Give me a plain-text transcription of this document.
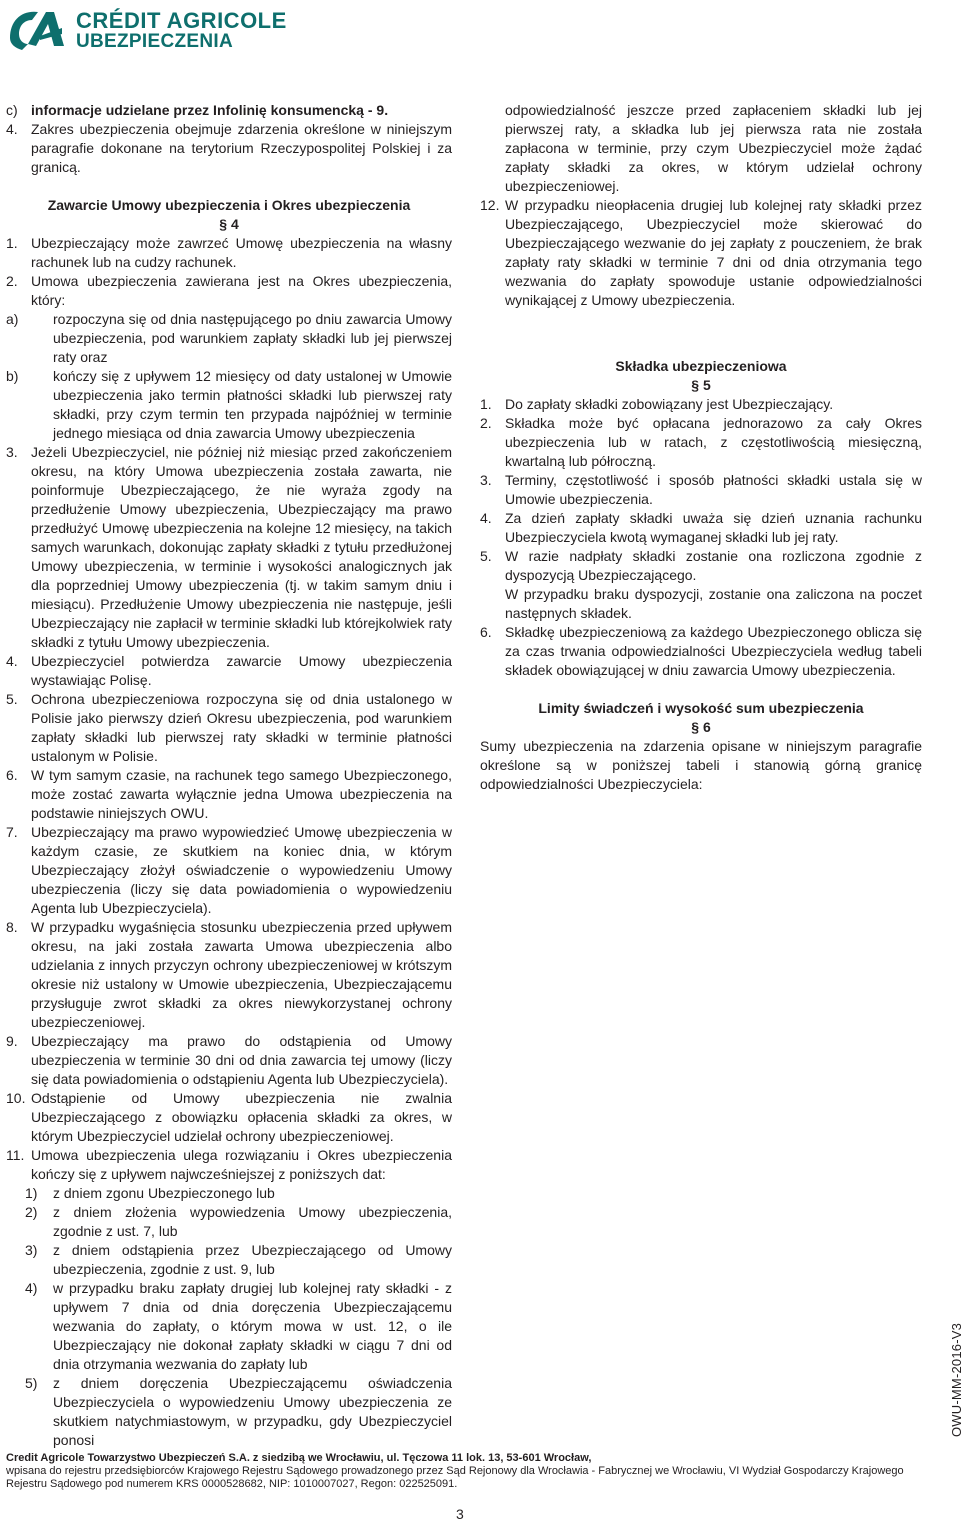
CRÉDIT AGRICOLE
UBEZPIECZENIA
c) informacje udzielane przez Infolinię konsumencką - 9.
4. Zakres ubezpieczenia obejmuje zdarzenia określone w niniejszym paragrafie dokonane na terytorium Rzeczypospolitej Polskiej i za granicą.

Zawarcie Umowy ubezpieczenia i Okres ubezpieczenia

§ 4

1. Ubezpieczający może zawrzeć Umowę ubezpieczenia na własny rachunek lub na cudzy rachunek.
2. Umowa ubezpieczenia zawierana jest na Okres ubezpieczenia, który:
a) rozpoczyna się od dnia następującego po dniu zawarcia Umowy ubezpieczenia, pod warunkiem zapłaty składki lub jej pierwszej raty oraz
b) kończy się z upływem 12 miesięcy od daty ustalonej w Umowie ubezpieczenia jako termin płatności składki lub pierwszej raty składki, przy czym termin ten przypada najpóźniej w terminie jednego miesiąca od dnia zawarcia Umowy ubezpieczenia
3. Jeżeli Ubezpieczyciel, nie później niż miesiąc przed zakończeniem okresu, na który Umowa ubezpieczenia została zawarta, nie poinformuje Ubezpieczającego, że nie wyraża zgody na przedłużenie Umowy ubezpieczenia, Ubezpieczający ma prawo przedłużyć Umowę ubezpieczenia na kolejne 12 miesięcy, na takich samych warunkach, dokonując zapłaty składki z tytułu przedłużonej Umowy ubezpieczenia, w terminie i wysokości analogicznych jak dla poprzedniej Umowy ubezpieczenia (tj. w takim samym dniu i miesiącu). Przedłużenie Umowy ubezpieczenia nie następuje, jeśli Ubezpieczający nie zapłacił w terminie składki lub którejkolwiek raty składki z tytułu Umowy ubezpieczenia.
4. Ubezpieczyciel potwierdza zawarcie Umowy ubezpieczenia wystawiając Polisę.
5. Ochrona ubezpieczeniowa rozpoczyna się od dnia ustalonego w Polisie jako pierwszy dzień Okresu ubezpieczenia, pod warunkiem zapłaty składki lub pierwszej raty składki w terminie płatności ustalonym w Polisie.
6. W tym samym czasie, na rachunek tego samego Ubezpieczonego, może zostać zawarta wyłącznie jedna Umowa ubezpieczenia na podstawie niniejszych OWU.
7. Ubezpieczający ma prawo wypowiedzieć Umowę ubezpieczenia w każdym czasie, ze skutkiem na koniec dnia, w którym Ubezpieczający złożył oświadczenie o wypowiedzeniu Umowy ubezpieczenia (liczy się data powiadomienia o wypowiedzeniu Agenta lub Ubezpieczyciela).
8. W przypadku wygaśnięcia stosunku ubezpieczenia przed upływem okresu, na jaki została zawarta Umowa ubezpieczenia albo udzielania z innych przyczyn ochrony ubezpieczeniowej w krótszym okresie niż ustalony w Umowie ubezpieczenia, Ubezpieczającemu przysługuje zwrot składki za okres niewykorzystanej ochrony ubezpieczeniowej.
9. Ubezpieczający ma prawo do odstąpienia od Umowy ubezpieczenia w terminie 30 dni od dnia zawarcia tej umowy (liczy się data powiadomienia o odstąpieniu Agenta lub Ubezpieczyciela).
10. Odstąpienie od Umowy ubezpieczenia nie zwalnia Ubezpieczającego z obowiązku opłacenia składki za okres, w którym Ubezpieczyciel udzielał ochrony ubezpieczeniowej.
11. Umowa ubezpieczenia ulega rozwiązaniu i Okres ubezpieczenia kończy się z upływem najwcześniejszej z poniższych dat:
1) z dniem zgonu Ubezpieczonego lub
2) z dniem złożenia wypowiedzenia Umowy ubezpieczenia, zgodnie z ust. 7, lub
3) z dniem odstąpienia przez Ubezpieczającego od Umowy ubezpieczenia, zgodnie z ust. 9, lub
4) w przypadku braku zapłaty drugiej lub kolejnej raty składki - z upływem 7 dnia od dnia doręczenia Ubezpieczającemu wezwania do zapłaty, o którym mowa w ust. 12, o ile Ubezpieczający nie dokonał zapłaty składki w ciągu 7 dni od dnia otrzymania wezwania do zapłaty lub
5) z dniem doręczenia Ubezpieczającemu oświadczenia Ubezpieczyciela o wypowiedzeniu Umowy ubezpieczenia ze skutkiem natychmiastowym, w przypadku, gdy Ubezpieczyciel ponosi
odpowiedzialność jeszcze przed zapłaceniem składki lub jej pierwszej raty, a składka lub jej pierwsza rata nie została zapłacona w terminie, przy czym Ubezpieczyciel może żądać zapłaty składki za okres, w którym udzielał ochrony ubezpieczeniowej.
12. W przypadku nieopłacenia drugiej lub kolejnej raty składki przez Ubezpieczającego, Ubezpieczyciel może skierować do Ubezpieczającego wezwanie do jej zapłaty z pouczeniem, że brak zapłaty raty składki w terminie 7 dni od dnia otrzymania tego wezwania do zapłaty spowoduje ustanie odpowiedzialności wynikającej z Umowy ubezpieczenia.

Składka ubezpieczeniowa

§ 5

1. Do zapłaty składki zobowiązany jest Ubezpieczający.
2. Składka może być opłacana jednorazowo za cały Okres ubezpieczenia lub w ratach, z częstotliwością miesięczną, kwartalną lub półroczną.
3. Terminy, częstotliwość i sposób płatności składki ustala się w Umowie ubezpieczenia.
4. Za dzień zapłaty składki uważa się dzień uznania rachunku Ubezpieczyciela kwotą wymaganej składki lub jej raty.
5. W razie nadpłaty składki zostanie ona rozliczona zgodnie z dyspozycją Ubezpieczającego.
W przypadku braku dyspozycji, zostanie ona zaliczona na poczet następnych składek.
6. Składkę ubezpieczeniową za każdego Ubezpieczonego oblicza się za czas trwania odpowiedzialności Ubezpieczyciela według tabeli składek obowiązującej w dniu zawarcia Umowy ubezpieczenia.

Limity świadczeń i wysokość sum ubezpieczenia

§ 6

Sumy ubezpieczenia na zdarzenia opisane w niniejszym paragrafie określone są w poniższej tabeli i stanowią górną granicę odpowiedzialności Ubezpieczyciela:

OWU-MM-2016-V3
Credit Agricole Towarzystwo Ubezpieczeń S.A. z siedzibą we Wrocławiu, ul. Tęczowa 11 lok. 13, 53-601 Wrocław,
wpisana do rejestru przedsiębiorców Krajowego Rejestru Sądowego prowadzonego przez Sąd Rejonowy dla Wrocławia - Fabrycznej we Wrocławiu, VI Wydział Gospodarczy Krajowego
Rejestru Sądowego pod numerem KRS 0000528682, NIP: 1010007027, Regon: 022525091.
3
